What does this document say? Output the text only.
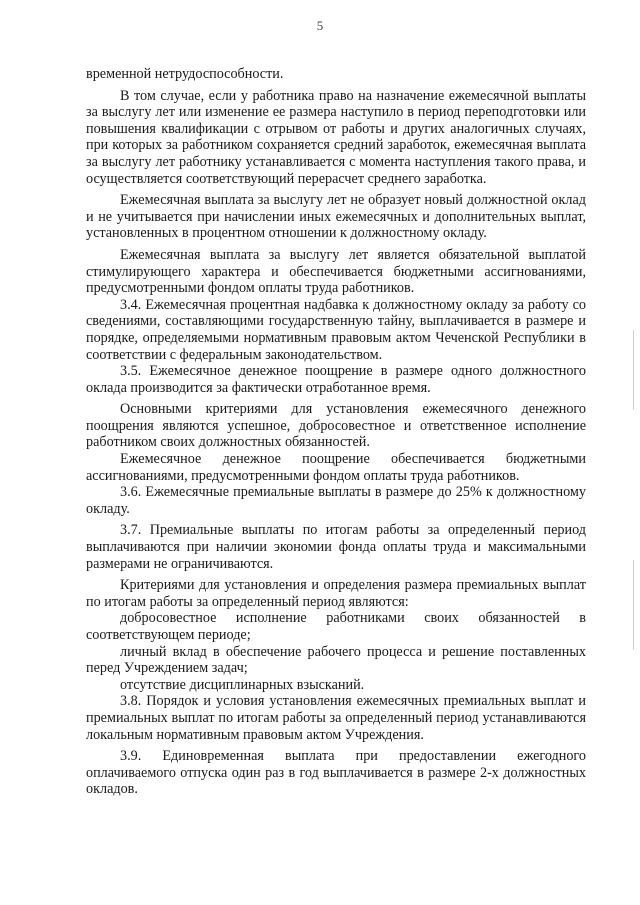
5

временной нетрудоспособности.

В том случае, если у работника право на назначение ежемесячной выплаты за выслугу лет или изменение ее размера наступило в период переподготовки или повышения квалификации с отрывом от работы и других аналогичных случаях, при которых за работником сохраняется средний заработок, ежемесячная выплата за выслугу лет работнику устанавливается с момента наступления такого права, и осуществляется соответствующий перерасчет среднего заработка.

Ежемесячная выплата за выслугу лет не образует новый должностной оклад и не учитывается при начислении иных ежемесячных и дополнительных выплат, установленных в процентном отношении к должностному окладу.

Ежемесячная выплата за выслугу лет является обязательной выплатой стимулирующего характера и обеспечивается бюджетными ассигнованиями, предусмотренными фондом оплаты труда работников.

3.4. Ежемесячная процентная надбавка к должностному окладу за работу со сведениями, составляющими государственную тайну, выплачивается в размере и порядке, определяемыми нормативным правовым актом Чеченской Республики в соответствии с федеральным законодательством.

3.5. Ежемесячное денежное поощрение в размере одного должностного оклада производится за фактически отработанное время.

Основными критериями для установления ежемесячного денежного поощрения являются успешное, добросовестное и ответственное исполнение работником своих должностных обязанностей.

Ежемесячное денежное поощрение обеспечивается бюджетными ассигнованиями, предусмотренными фондом оплаты труда работников.

3.6. Ежемесячные премиальные выплаты в размере до 25% к должностному окладу.

3.7. Премиальные выплаты по итогам работы за определенный период выплачиваются при наличии экономии фонда оплаты труда и максимальными размерами не ограничиваются.

Критериями для установления и определения размера премиальных выплат по итогам работы за определенный период являются:

добросовестное исполнение работниками своих обязанностей в соответствующем периоде;

личный вклад в обеспечение рабочего процесса и решение поставленных перед Учреждением задач;

отсутствие дисциплинарных взысканий.

3.8. Порядок и условия установления ежемесячных премиальных выплат и премиальных выплат по итогам работы за определенный период устанавливаются локальным нормативным правовым актом Учреждения.

3.9. Единовременная выплата при предоставлении ежегодного оплачиваемого отпуска один раз в год выплачивается в размере 2-х должностных окладов.
